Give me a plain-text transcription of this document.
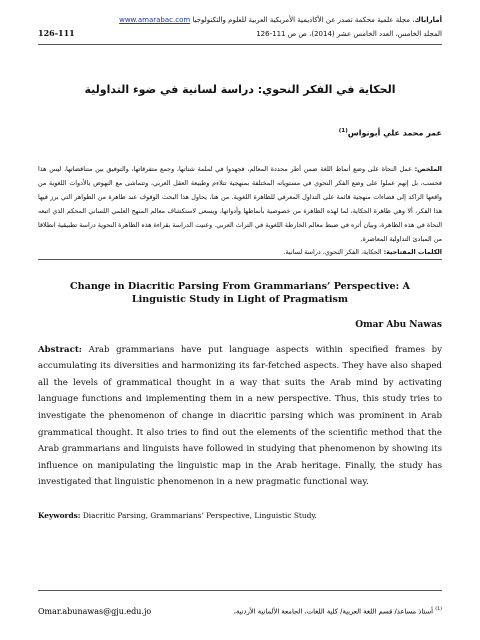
أماراباك، مجلة علمية محكمة تصدر عن الأكاديمية الأمريكية العربية للعلوم والتكنولوجيا www.amarabac.com
المجلد الخامس، العدد الخامس عشر (2014)، ص ص 111-126
126-111
الحكاية في الفكر النحوي: دراسة لسانية في ضوء التداولية
عمر محمد علي أبونواس$^{(1)}$
الملخص: عمل النحاة على وضع أنماط اللغة ضمن أطر محددة المعالم، فجهدوا في لملمة شتاتها، وجمع متفرقاتها، والتوفيق بين متناقضاتها، ليس هذا فحسب، بل إنهم عملوا على وضع الفكر النحوي في مستوياته المختلفة بمنهجية تتلاءم وطبيعة العقل العربي، وتتماشى مع النهوض بالأدوات اللغوية من واقعها الراكد إلى فضاءات منهجية قائمة على التداول المعرفي للظاهرة اللغوية. من هنا، يحاول هذا البحث الوقوف عند ظاهرة من الظواهر التي برز فيها هذا الفكر، ألا وهي ظاهرة الحكاية، لما لهذه الظاهرة من خصوصية بأنماطها وأدواتها، ويسعى لاستكشاف معالم المنهج العلمي اللساني المحكم الذي اتبعه النحاة في هذه الظاهرة، وبيان أثره في ضبط معالم الخارطة اللغوية في التراث العربي. وعنيت الدراسة بقراءة هذه الظاهرة النحوية دراسة تطبيقية انطلاقا من المبادئ التداولية المعاصرة.
الكلمات المفتاحية: الحكاية، الفكر النحوي، دراسة لسانية.
Change in Diacritic Parsing From Grammarians’ Perspective: A
Linguistic Study in Light of Pragmatism
Omar Abu Nawas
Abstract: Arab grammarians have put language aspects within specified frames by accumulating its diversities and harmonizing its far-fetched aspects. They have also shaped all the levels of grammatical thought in a way that suits the Arab mind by activating language functions and implementing them in a new perspective. Thus, this study tries to investigate the phenomenon of change in diacritic parsing which was prominent in Arab grammatical thought. It also tries to find out the elements of the scientific method that the Arab grammarians and linguists have followed in studying that phenomenon by showing its influence on manipulating the linguistic map in the Arab heritage. Finally, the study has investigated that linguistic phenomenon in a new pragmatic functional way.
Keywords: Diacritic Parsing, Grammarians’ Perspective, Linguistic Study.
Omar.abunawas@gju.edu.jo	$^{(1)}$ أستاذ مساعد/ قسم اللغة العربية/ كلية اللغات، الجامعة الألمانية الأردنية،
